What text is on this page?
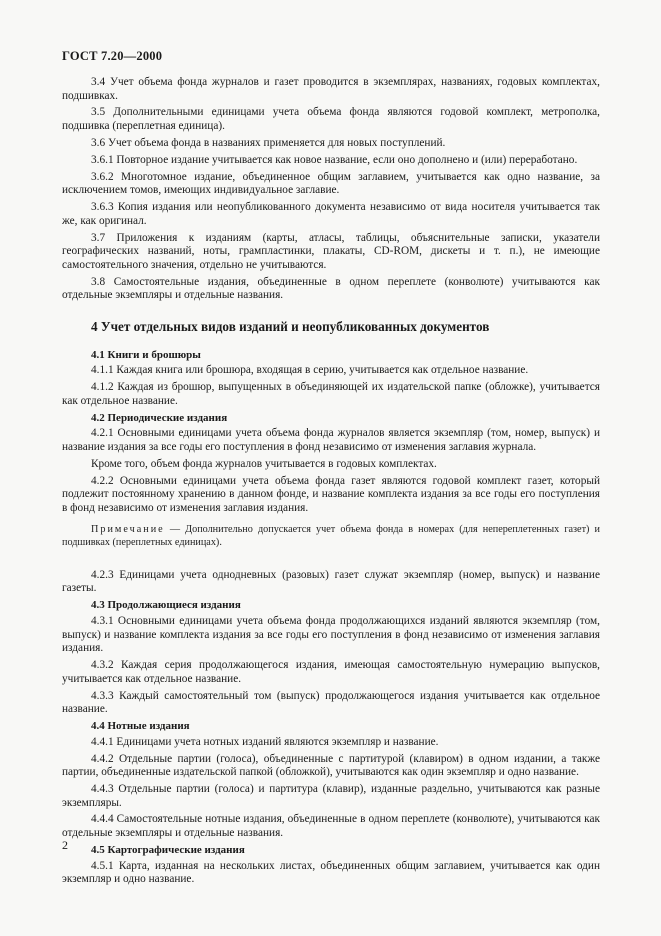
ГОСТ 7.20—2000

3.4 Учет объема фонда журналов и газет проводится в экземплярах, названиях, годовых комплектах, подшивках.

3.5 Дополнительными единицами учета объема фонда являются годовой комплект, метрополка, подшивка (переплетная единица).

3.6 Учет объема фонда в названиях применяется для новых поступлений.

3.6.1 Повторное издание учитывается как новое название, если оно дополнено и (или) переработано.

3.6.2 Многотомное издание, объединенное общим заглавием, учитывается как одно название, за исключением томов, имеющих индивидуальное заглавие.

3.6.3 Копия издания или неопубликованного документа независимо от вида носителя учитывается так же, как оригинал.

3.7 Приложения к изданиям (карты, атласы, таблицы, объяснительные записки, указатели географических названий, ноты, грампластинки, плакаты, CD-ROM, дискеты и т. п.), не имеющие самостоятельного значения, отдельно не учитываются.

3.8 Самостоятельные издания, объединенные в одном переплете (конволюте) учитываются как отдельные экземпляры и отдельные названия.

4 Учет отдельных видов изданий и неопубликованных документов
4.1 Книги и брошюры

4.1.1 Каждая книга или брошюра, входящая в серию, учитывается как отдельное название.

4.1.2 Каждая из брошюр, выпущенных в объединяющей их издательской папке (обложке), учитывается как отдельное название.

4.2 Периодические издания

4.2.1 Основными единицами учета объема фонда журналов является экземпляр (том, номер, выпуск) и название издания за все годы его поступления в фонд независимо от изменения заглавия журнала.

Кроме того, объем фонда журналов учитывается в годовых комплектах.

4.2.2 Основными единицами учета объема фонда газет являются годовой комплект газет, который подлежит постоянному хранению в данном фонде, и название комплекта издания за все годы его поступления в фонд независимо от изменения заглавия издания.

Примечание — Дополнительно допускается учет объема фонда в номерах (для непереплетенных газет) и подшивках (переплетных единицах).

4.2.3 Единицами учета однодневных (разовых) газет служат экземпляр (номер, выпуск) и название газеты.

4.3 Продолжающиеся издания

4.3.1 Основными единицами учета объема фонда продолжающихся изданий являются экземпляр (том, выпуск) и название комплекта издания за все годы его поступления в фонд независимо от изменения заглавия издания.

4.3.2 Каждая серия продолжающегося издания, имеющая самостоятельную нумерацию выпусков, учитывается как отдельное название.

4.3.3 Каждый самостоятельный том (выпуск) продолжающегося издания учитывается как отдельное название.

4.4 Нотные издания

4.4.1 Единицами учета нотных изданий являются экземпляр и название.

4.4.2 Отдельные партии (голоса), объединенные с партитурой (клавиром) в одном издании, а также партии, объединенные издательской папкой (обложкой), учитываются как один экземпляр и одно название.

4.4.3 Отдельные партии (голоса) и партитура (клавир), изданные раздельно, учитываются как разные экземпляры.

4.4.4 Самостоятельные нотные издания, объединенные в одном переплете (конволюте), учитываются как отдельные экземпляры и отдельные названия.

4.5 Картографические издания

4.5.1 Карта, изданная на нескольких листах, объединенных общим заглавием, учитывается как один экземпляр и одно название.

2
